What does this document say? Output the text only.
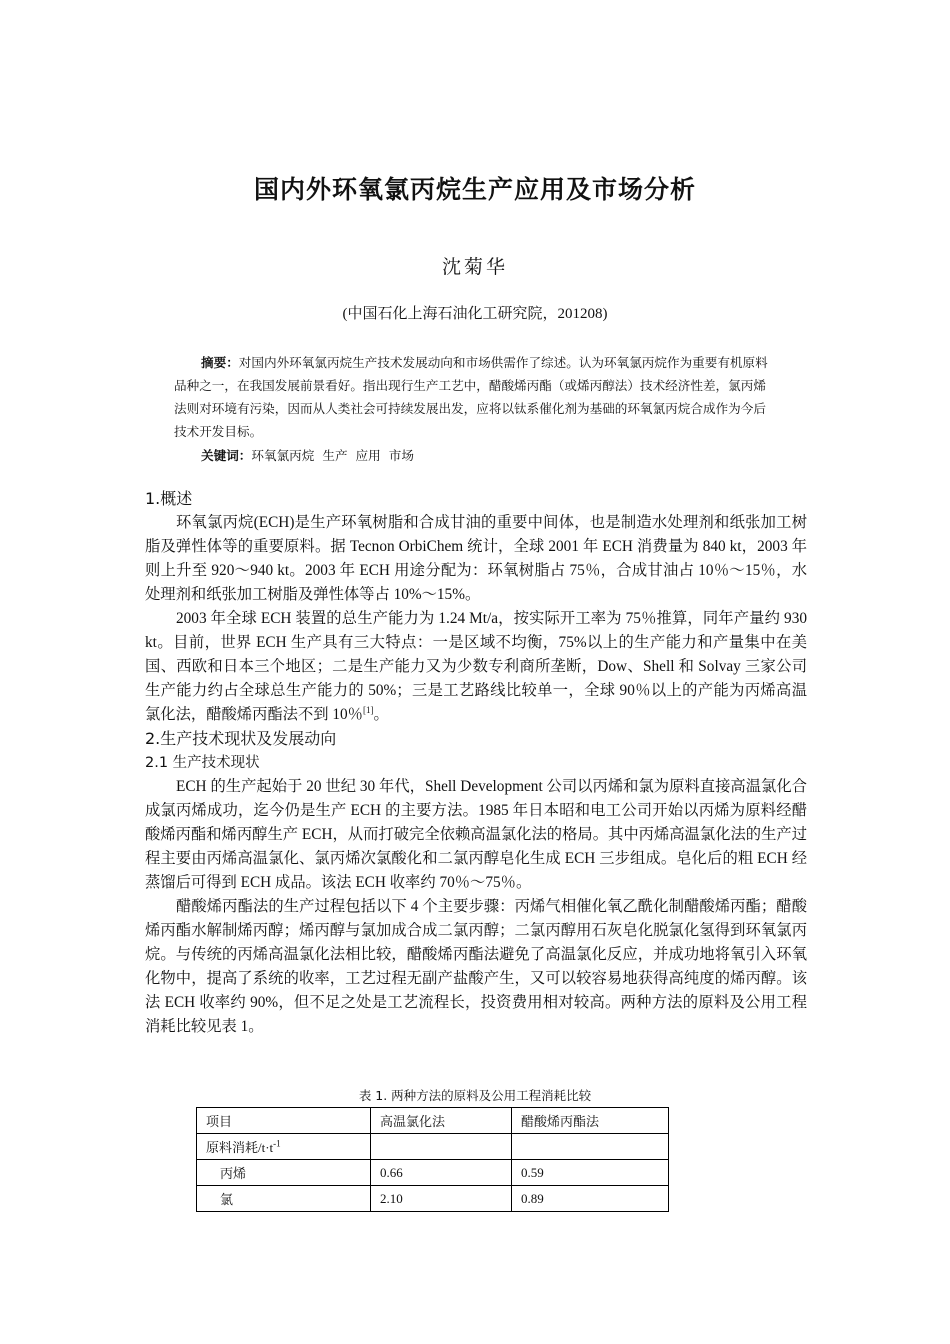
国内外环氧氯丙烷生产应用及市场分析
沈菊华
(中国石化上海石油化工研究院，201208)

摘要：对国内外环氧氯丙烷生产技术发展动向和市场供需作了综述。认为环氧氯丙烷作为重要有机原料品种之一，在我国发展前景看好。指出现行生产工艺中，醋酸烯丙酯（或烯丙醇法）技术经济性差，氯丙烯法则对环境有污染，因而从人类社会可持续发展出发，应将以钛系催化剂为基础的环氧氯丙烷合成作为今后技术开发目标。

关键词：环氧氯丙烷  生产  应用  市场

1.概述

环氧氯丙烷(ECH)是生产环氧树脂和合成甘油的重要中间体，也是制造水处理剂和纸张加工树脂及弹性体等的重要原料。据 Tecnon OrbiChem 统计，全球 2001 年 ECH 消费量为 840 kt，2003 年则上升至 920～940 kt。2003 年 ECH 用途分配为：环氧树脂占 75％，合成甘油占 10％～15％，水处理剂和纸张加工树脂及弹性体等占 10%～15%。

2003 年全球 ECH 装置的总生产能力为 1.24 Mt/a，按实际开工率为 75％推算，同年产量约 930 kt。目前，世界 ECH 生产具有三大特点：一是区域不均衡，75%以上的生产能力和产量集中在美国、西欧和日本三个地区；二是生产能力又为少数专利商所垄断，Dow、Shell 和 Solvay 三家公司生产能力约占全球总生产能力的 50%；三是工艺路线比较单一，全球 90％以上的产能为丙烯高温氯化法，醋酸烯丙酯法不到 10％[1]。

2.生产技术现状及发展动向
2.1 生产技术现状

ECH 的生产起始于 20 世纪 30 年代，Shell Development 公司以丙烯和氯为原料直接高温氯化合成氯丙烯成功，迄今仍是生产 ECH 的主要方法。1985 年日本昭和电工公司开始以丙烯为原料经醋酸烯丙酯和烯丙醇生产 ECH，从而打破完全依赖高温氯化法的格局。其中丙烯高温氯化法的生产过程主要由丙烯高温氯化、氯丙烯次氯酸化和二氯丙醇皂化生成 ECH 三步组成。皂化后的粗 ECH 经蒸馏后可得到 ECH 成品。该法 ECH 收率约 70％～75％。

醋酸烯丙酯法的生产过程包括以下 4 个主要步骤：丙烯气相催化氧乙酰化制醋酸烯丙酯；醋酸烯丙酯水解制烯丙醇；烯丙醇与氯加成合成二氯丙醇；二氯丙醇用石灰皂化脱氯化氢得到环氧氯丙烷。与传统的丙烯高温氯化法相比较，醋酸烯丙酯法避免了高温氯化反应，并成功地将氧引入环氧化物中，提高了系统的收率，工艺过程无副产盐酸产生，又可以较容易地获得高纯度的烯丙醇。该法 ECH 收率约 90%，但不足之处是工艺流程长，投资费用相对较高。两种方法的原料及公用工程消耗比较见表 1。

表 1. 两种方法的原料及公用工程消耗比较
项目	高温氯化法	醋酸烯丙酯法
原料消耗$/t\cdot t^{-1}$		
丙烯	0.66	0.59
氯	2.10	0.89
